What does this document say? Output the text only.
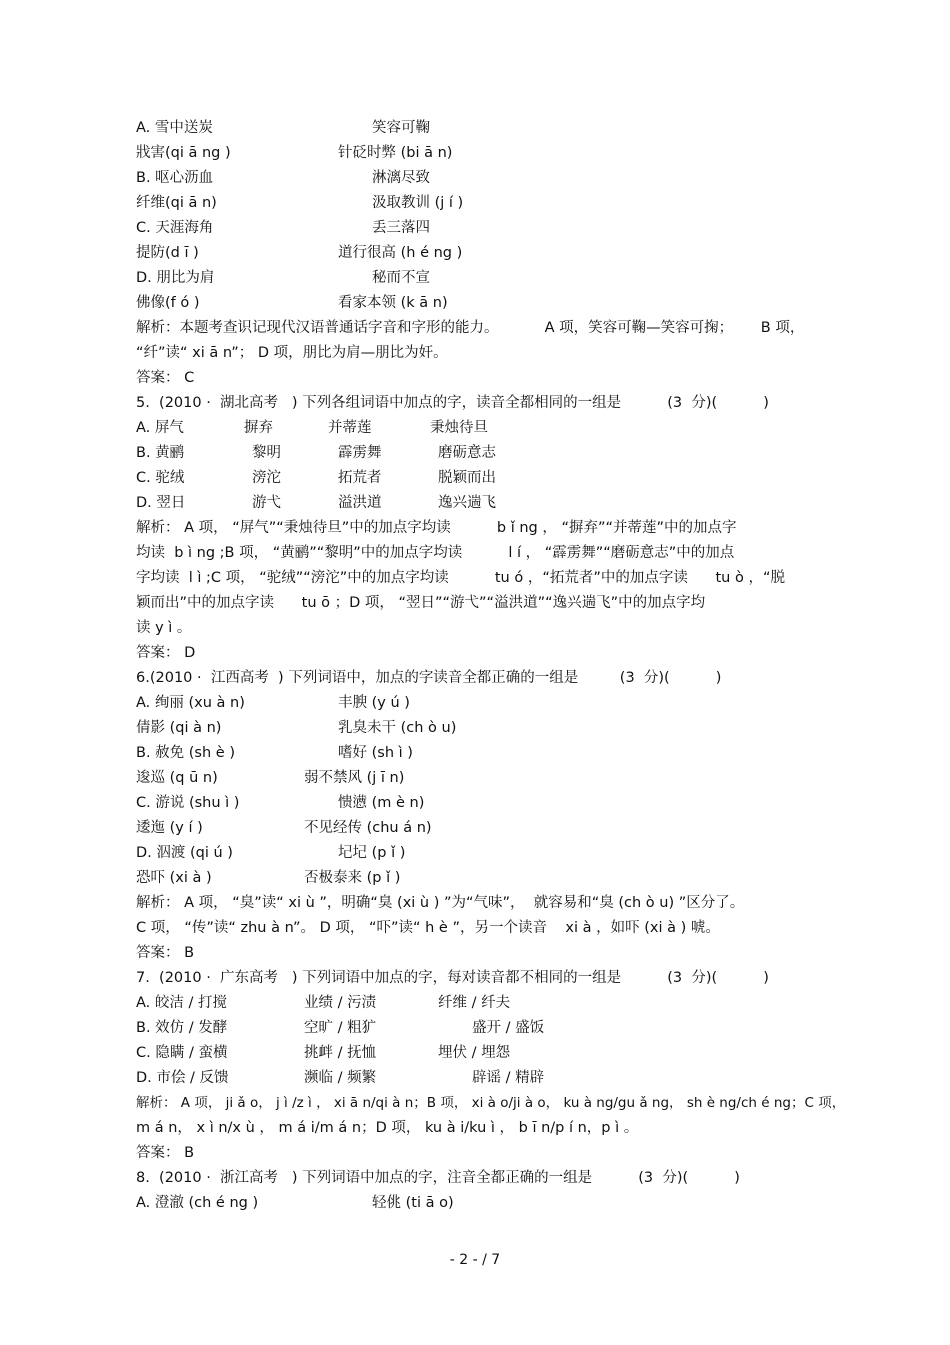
A. 雪中送炭	笑容可鞠
戕害(qi ā ng )	针砭时弊 (bi ā n)
B. 呕心沥血	淋漓尽致
纤维(qi ā n)	汲取教训 (j í )
C. 天涯海角	丢三落四
提防(d ī )	道行很高 (h é ng )
D. 朋比为肩	秘而不宣
佛像(f ó )	看家本领 (k ā n)
解析：本题考查识记现代汉语普通话字音和字形的能力。          A 项，笑容可鞠—笑容可掬；      B 项，
“纤”读“ xi ā n”； D 项，朋比为肩—朋比为奸。
答案： C
5.  (2010 ·  湖北高考   ) 下列各组词语中加点的字，读音全都相同的一组是          (3  分)(          )
A. 屏气	摒弃	并蒂莲	秉烛待旦
B. 黄鹂	黎明	霹雳舞	磨砺意志
C. 驼绒	滂沱	拓荒者	脱颖而出
D. 翌日	游弋	溢洪道	逸兴遄飞
解析： A 项， “屏气”“秉烛待旦”中的加点字均读          b ǐ ng ， “摒弃”“并蒂莲”中的加点字
均读  b ì ng ;B 项， “黄鹂”“黎明”中的加点字均读          l í ， “霹雳舞”“磨砺意志”中的加点
字均读  l ì ;C 项， “驼绒”“滂沱”中的加点字均读          tu ó ，“拓荒者”中的加点字读      tu ò ，“脱
颖而出”中的加点字读      tu ō ；D 项， “翌日”“游弋”“溢洪道”“逸兴遄飞”中的加点字均
读 y ì 。
答案： D
6.(2010 ·  江西高考  ) 下列词语中，加点的字读音全都正确的一组是         (3  分)(          )
A. 绚丽 (xu à n)	丰腴 (y ú )
倩影 (qi à n)	乳臭未干 (ch ò u)
B. 赦免 (sh è )	嗜好 (sh ì )
逡巡 (q ū n)	弱不禁风 (j ī n)
C. 游说 (shu ì )	愦懑 (m è n)
逶迤 (y í )	不见经传 (chu á n)
D. 泅渡 (qi ú )	圮圮 (p ǐ )
恐吓 (xi à )	否极泰来 (p ǐ )
解析： A 项， “臭”读“ xi ù ”，明确“臭 (xi ù ) ”为“气味”，  就容易和“臭 (ch ò u) ”区分了。
C 项， “传”读“ zhu à n”。 D 项， “吓”读“ h è ”，另一个读音    xi à ，如吓 (xi à ) 唬。
答案： B
7.  (2010 ·  广东高考   ) 下列词语中加点的字，每对读音都不相同的一组是          (3  分)(          )
A. 皎洁 / 打搅	业绩 / 污渍	纤维 / 纤夫
B. 效仿 / 发酵	空旷 / 粗犷	盛开 / 盛饭
C. 隐瞒 / 蛮横	挑衅 / 抚恤	埋伏 / 埋怨
D. 市侩 / 反馈	濒临 / 频繁	辟谣 / 精辟
解析： A 项， ji ǎ o， j ì /z ì ， xi ā n/qi à n；B 项， xi à o/ji à o， ku à ng/gu ǎ ng， sh è ng/ch é ng；C 项，
m á n， x ì n/x ù ， m á i/m á n；D 项， ku à i/ku ì ， b ī n/p í n，p ì 。
答案： B
8.  (2010 ·  浙江高考   ) 下列词语中加点的字，注音全都正确的一组是          (3  分)(          )
A. 澄澈 (ch é ng )	轻佻 (ti ā o)
- 2 - / 7
